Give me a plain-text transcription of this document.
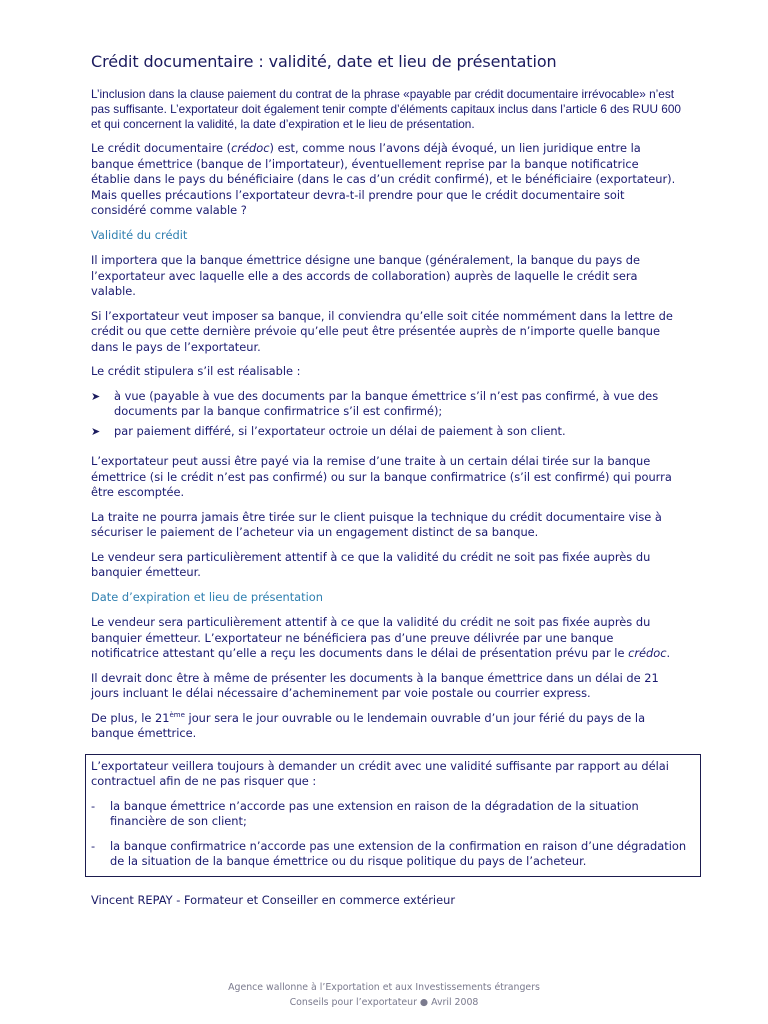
Crédit documentaire : validité, date et lieu de présentation

L’inclusion dans la clause paiement du contrat de la phrase «payable par crédit documentaire irrévocable» n’est pas suffisante. L’exportateur doit également tenir compte d’éléments capitaux inclus dans l’article 6 des RUU 600 et qui concernent la validité, la date d’expiration et le lieu de présentation.

Le crédit documentaire (crédoc) est, comme nous l’avons déjà évoqué, un lien juridique entre la banque émettrice (banque de l’importateur), éventuellement reprise par la banque notificatrice établie dans le pays du bénéficiaire (dans le cas d’un crédit confirmé), et le bénéficiaire (exportateur). Mais quelles précautions l’exportateur devra-t-il prendre pour que le crédit documentaire soit considéré comme valable ?

Validité du crédit

Il importera que la banque émettrice désigne une banque (généralement, la banque du pays de l’exportateur avec laquelle elle a des accords de collaboration) auprès de laquelle le crédit sera valable.

Si l’exportateur veut imposer sa banque, il conviendra qu’elle soit citée nommément dans la lettre de crédit ou que cette dernière prévoie qu’elle peut être présentée auprès de n’importe quelle banque dans le pays de l’exportateur.

Le crédit stipulera s’il est réalisable :

➤ à vue (payable à vue des documents par la banque émettrice s’il n’est pas confirmé, à vue des documents par la banque confirmatrice s’il est confirmé);
➤ par paiement différé, si l’exportateur octroie un délai de paiement à son client.

L’exportateur peut aussi être payé via la remise d’une traite à un certain délai tirée sur la banque émettrice (si le crédit n’est pas confirmé) ou sur la banque confirmatrice (s’il est confirmé) qui pourra être escomptée.

La traite ne pourra jamais être tirée sur le client puisque la technique du crédit documentaire vise à sécuriser le paiement de l’acheteur via un engagement distinct de sa banque.

Le vendeur sera particulièrement attentif à ce que la validité du crédit ne soit pas fixée auprès du banquier émetteur.

Date d’expiration et lieu de présentation

Le vendeur sera particulièrement attentif à ce que la validité du crédit ne soit pas fixée auprès du banquier émetteur. L’exportateur ne bénéficiera pas d’une preuve délivrée par une banque notificatrice attestant qu’elle a reçu les documents dans le délai de présentation prévu par le crédoc.

Il devrait donc être à même de présenter les documents à la banque émettrice dans un délai de 21 jours incluant le délai nécessaire d’acheminement par voie postale ou courrier express.

De plus, le 21ème jour sera le jour ouvrable ou le lendemain ouvrable d’un jour férié du pays de la banque émettrice.

L’exportateur veillera toujours à demander un crédit avec une validité suffisante par rapport au délai contractuel afin de ne pas risquer que :

- la banque émettrice n’accorde pas une extension en raison de la dégradation de la situation financière de son client;
- la banque confirmatrice n’accorde pas une extension de la confirmation en raison d’une dégradation de la situation de la banque émettrice ou du risque politique du pays de l’acheteur.
Vincent REPAY - Formateur et Conseiller en commerce extérieur
Agence wallonne à l’Exportation et aux Investissements étrangers
Conseils pour l’exportateur ● Avril 2008
